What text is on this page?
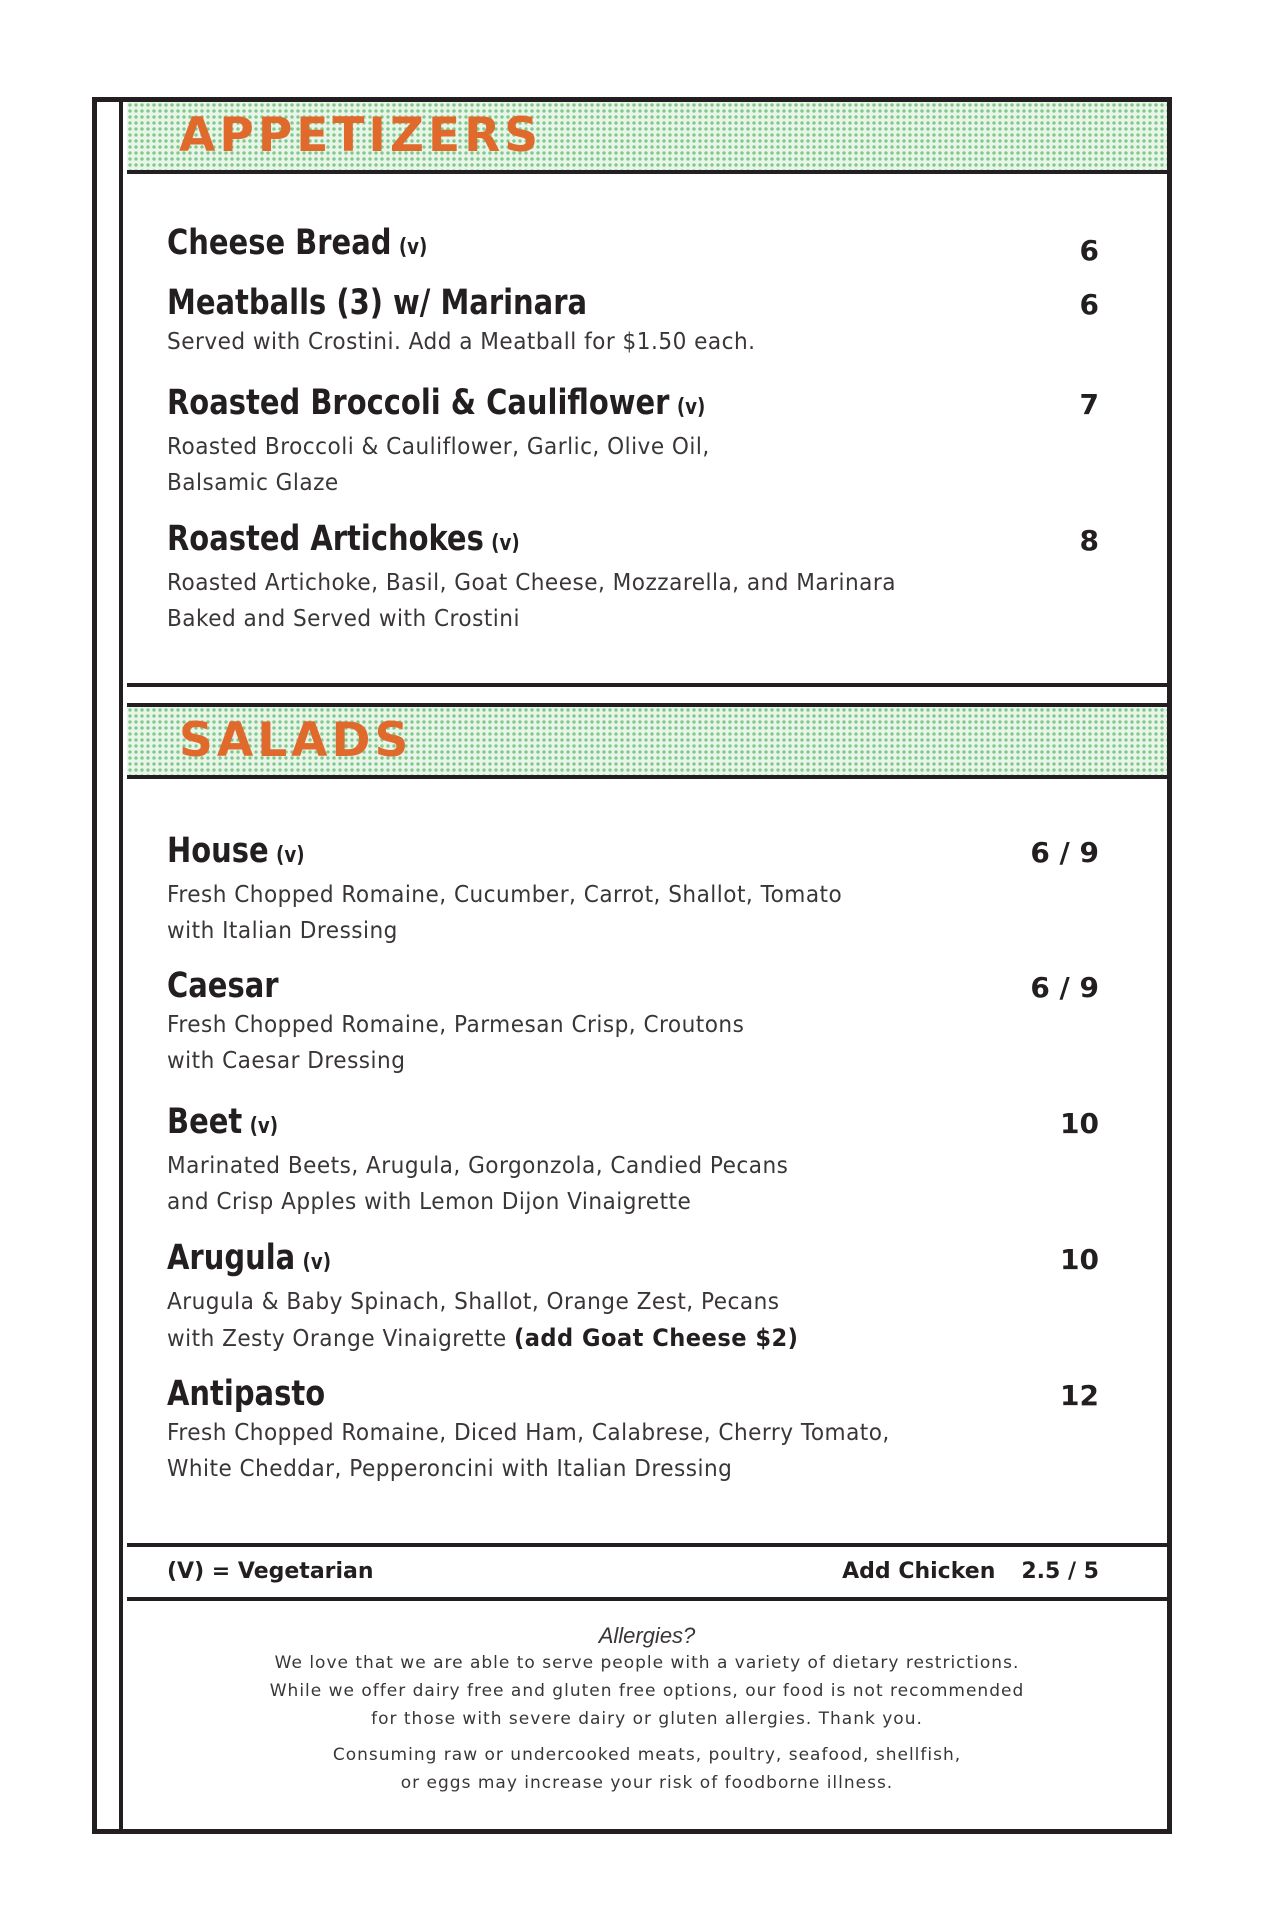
APPETIZERS
Cheese Bread (v)	6
Meatballs (3) w/ Marinara
Served with Crostini. Add a Meatball for $1.50 each.
6
Roasted Broccoli & Cauliflower (v)
Roasted Broccoli & Cauliflower, Garlic, Olive Oil,
Balsamic Glaze
7
Roasted Artichokes (v)
Roasted Artichoke, Basil, Goat Cheese, Mozzarella, and Marinara
Baked and Served with Crostini
8
SALADS
House (v)
Fresh Chopped Romaine, Cucumber, Carrot, Shallot, Tomato
with Italian Dressing
6 / 9
Caesar
Fresh Chopped Romaine, Parmesan Crisp, Croutons
with Caesar Dressing
6 / 9
Beet (v)
Marinated Beets, Arugula, Gorgonzola, Candied Pecans
and Crisp Apples with Lemon Dijon Vinaigrette
10
Arugula (v)
Arugula & Baby Spinach, Shallot, Orange Zest, Pecans
with Zesty Orange Vinaigrette (add Goat Cheese $2)
10
Antipasto
Fresh Chopped Romaine, Diced Ham, Calabrese, Cherry Tomato,
White Cheddar, Pepperoncini with Italian Dressing
12
(V) = Vegetarian	Add Chicken 2.5 / 5
Allergies?
We love that we are able to serve people with a variety of dietary restrictions.
While we offer dairy free and gluten free options, our food is not recommended
for those with severe dairy or gluten allergies. Thank you.
Consuming raw or undercooked meats, poultry, seafood, shellfish,
or eggs may increase your risk of foodborne illness.
